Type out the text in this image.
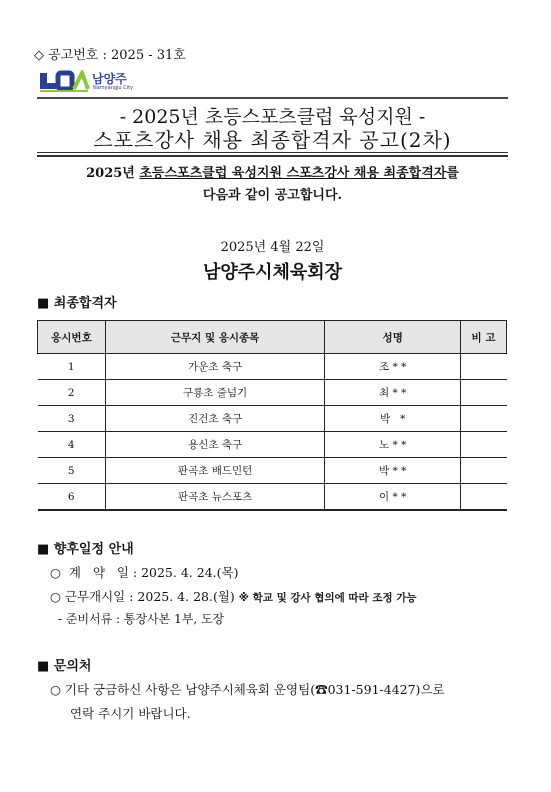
◇ 공고번호 : 2025 - 31호
남양주
Namyangju City
- 2025년 초등스포츠클럽 육성지원 -
스포츠강사 채용 최종합격자 공고(2차)
2025년 초등스포츠클럽 육성지원 스포츠강사 채용 최종합격자를
다음과 같이 공고합니다.
2025년 4월 22일
남양주시체육회장
■ 최종합격자
응시번호	근무지 및 응시종목	성명	비 고
1	가운초 축구	조 * *	
2	구룡초 줄넘기	최 * *	
3	진건초 축구	박   *	
4	용신초 축구	노 * *	
5	판곡초 배드민턴	박 * *	
6	판곡초 뉴스포츠	이 * *	
■ 향후일정 안내
○  계   약   일 : 2025. 4. 24.(목)
○ 근무개시일 : 2025. 4. 28.(월) ※ 학교 및 강사 협의에 따라 조정 가능
- 준비서류 : 통장사본 1부, 도장
■ 문의처
○ 기타 궁금하신 사항은 남양주시체육회 운영팀(☎031-591-4427)으로
연락 주시기 바랍니다.
